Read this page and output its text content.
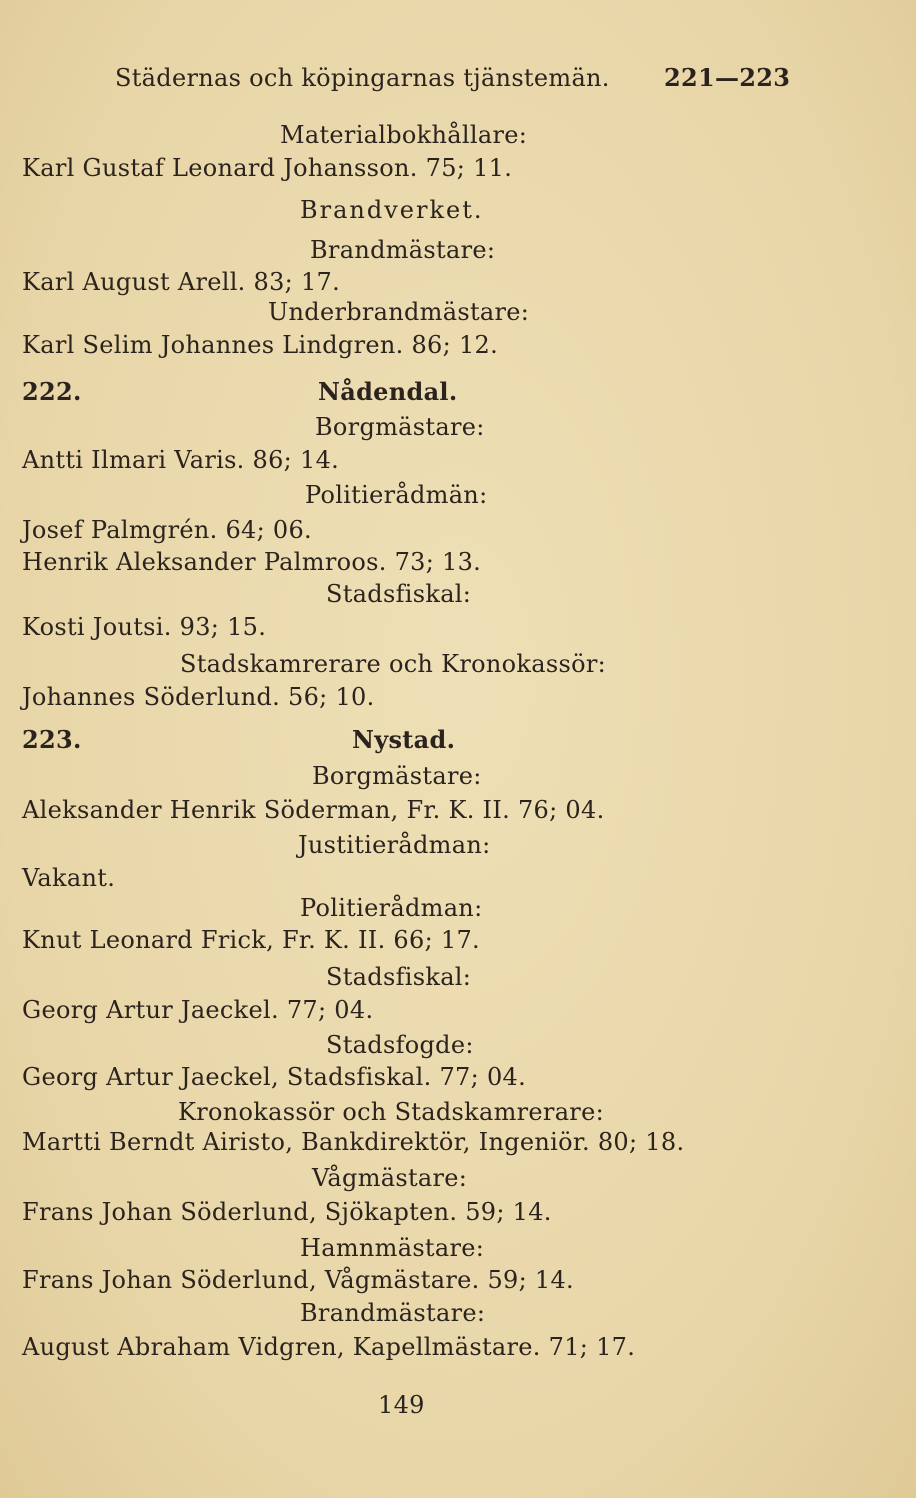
Städernas och köpingarnas tjänstemän. 221—223
Materialbokhållare:
Karl Gustaf Leonard Johansson. 75; 11.
Brandverket.
Brandmästare:
Karl August Arell. 83; 17.
Underbrandmästare:
Karl Selim Johannes Lindgren. 86; 12.
222.	Nådendal.
Borgmästare:
Antti Ilmari Varis. 86; 14.
Politierådmän:
Josef Palmgrén. 64; 06.
Henrik Aleksander Palmroos. 73; 13.
Stadsfiskal:
Kosti Joutsi. 93; 15.
Stadskamrerare och Kronokassör:
Johannes Söderlund. 56; 10.
223.	Nystad.
Borgmästare:
Aleksander Henrik Söderman, Fr. K. II. 76; 04.
Justitierådman:
Vakant.
Politierådman:
Knut Leonard Frick, Fr. K. II. 66; 17.
Stadsfiskal:
Georg Artur Jaeckel. 77; 04.
Stadsfogde:
Georg Artur Jaeckel, Stadsfiskal. 77; 04.
Kronokassör och Stadskamrerare:
Martti Berndt Airisto, Bankdirektör, Ingeniör. 80; 18.
Vågmästare:
Frans Johan Söderlund, Sjökapten. 59; 14.
Hamnmästare:
Frans Johan Söderlund, Vågmästare. 59; 14.
Brandmästare:
August Abraham Vidgren, Kapellmästare. 71; 17.
149
